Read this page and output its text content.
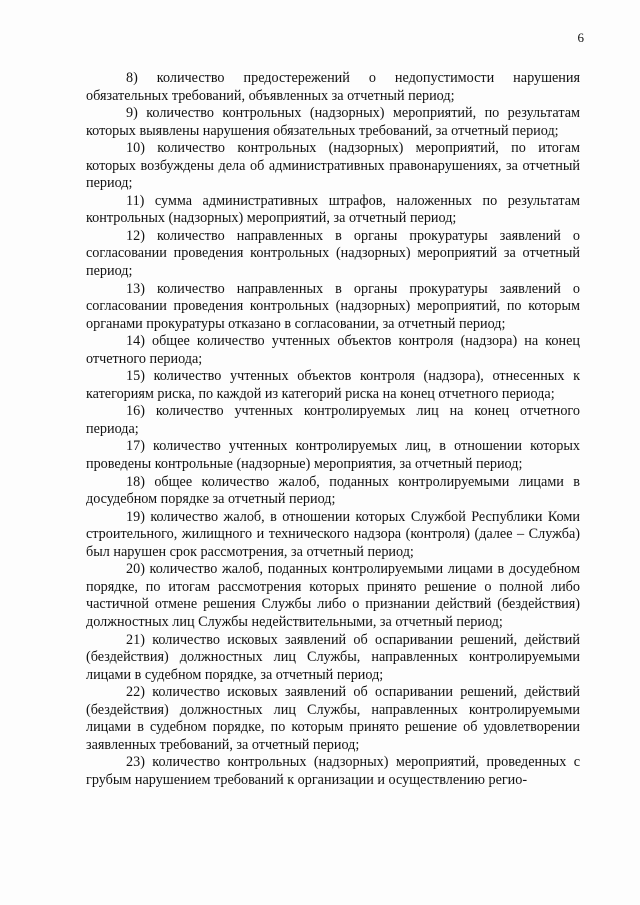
6

8) количество предостережений о недопустимости нарушения обязательных требований, объявленных за отчетный период;

9) количество контрольных (надзорных) мероприятий, по результатам которых выявлены нарушения обязательных требований, за отчетный период;

10) количество контрольных (надзорных) мероприятий, по итогам которых возбуждены дела об административных правонарушениях, за отчетный период;

11) сумма административных штрафов, наложенных по результатам контрольных (надзорных) мероприятий, за отчетный период;

12) количество направленных в органы прокуратуры заявлений о согласовании проведения контрольных (надзорных) мероприятий за отчетный период;

13) количество направленных в органы прокуратуры заявлений о согласовании проведения контрольных (надзорных) мероприятий, по которым органами прокуратуры отказано в согласовании, за отчетный период;

14) общее количество учтенных объектов контроля (надзора) на конец отчетного периода;

15) количество учтенных объектов контроля (надзора), отнесенных к категориям риска, по каждой из категорий риска на конец отчетного периода;

16) количество учтенных контролируемых лиц на конец отчетного периода;

17) количество учтенных контролируемых лиц, в отношении которых проведены контрольные (надзорные) мероприятия, за отчетный период;

18) общее количество жалоб, поданных контролируемыми лицами в досудебном порядке за отчетный период;

19) количество жалоб, в отношении которых Службой Республики Коми строительного, жилищного и технического надзора (контроля) (далее – Служба) был нарушен срок рассмотрения, за отчетный период;

20) количество жалоб, поданных контролируемыми лицами в досудебном порядке, по итогам рассмотрения которых принято решение о полной либо частичной отмене решения Службы либо о признании действий (бездействия) должностных лиц Службы недействительными, за отчетный период;

21) количество исковых заявлений об оспаривании решений, действий (бездействия) должностных лиц Службы, направленных контролируемыми лицами в судебном порядке, за отчетный период;

22) количество исковых заявлений об оспаривании решений, действий (бездействия) должностных лиц Службы, направленных контролируемыми лицами в судебном порядке, по которым принято решение об удовлетворении заявленных требований, за отчетный период;

23) количество контрольных (надзорных) мероприятий, проведенных с грубым нарушением требований к организации и осуществлению регио-
